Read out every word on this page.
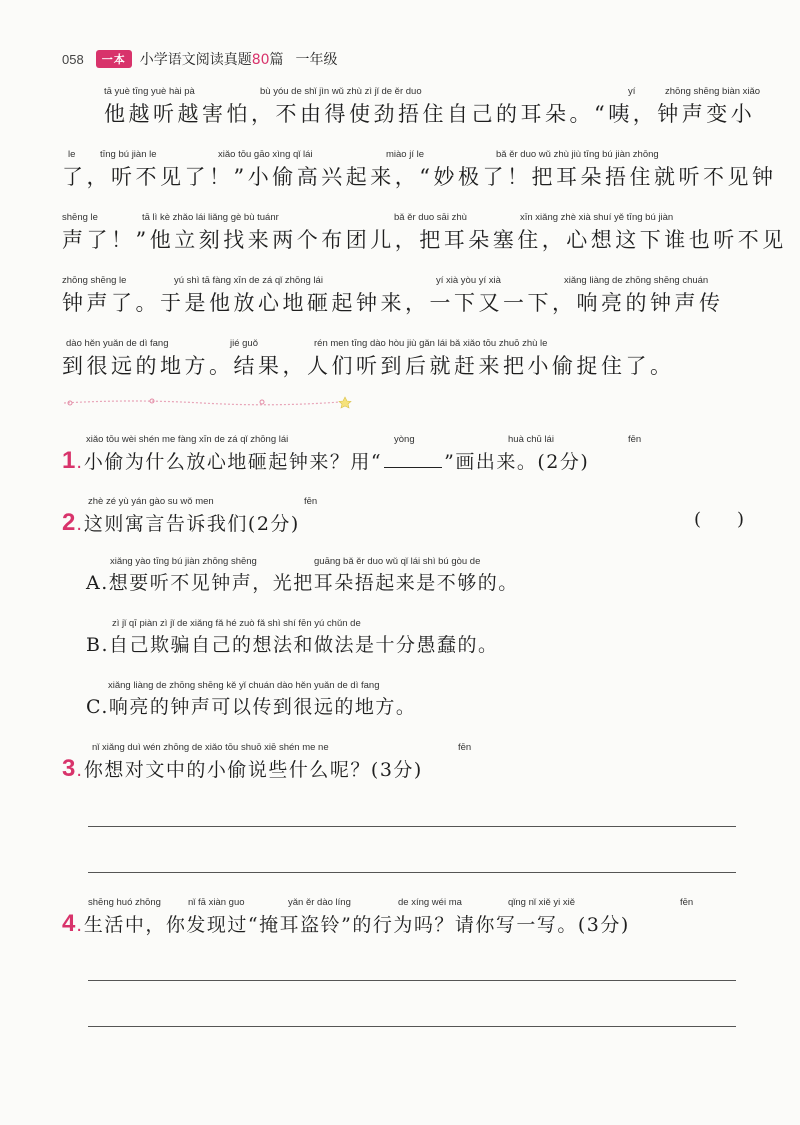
058	一本	小学语文阅读真题80篇 一年级
tā yuè tīng yuè hài pà	bù yóu de shǐ jìn wǔ zhù zì jǐ de ěr duo	yí	zhōng shēng biàn xiǎo
他越听越害怕，不由得使劲捂住自己的耳朵。“咦，钟声变小
le	tīng bú jiàn le	xiǎo tōu gāo xìng qǐ lái	miào jí le	bǎ ěr duo wǔ zhù jiù tīng bú jiàn zhōng
了，听不见了！”小偷高兴起来，“妙极了！把耳朵捂住就听不见钟
shēng le	tā lì kè zhǎo lái liǎng gè bù tuánr	bǎ ěr duo sāi zhù	xīn xiǎng zhè xià shuí yě tīng bú jiàn
声了！”他立刻找来两个布团儿，把耳朵塞住，心想这下谁也听不见
zhōng shēng le	yú shì tā fàng xīn de zá qǐ zhōng lái	yí xià yòu yí xià	xiǎng liàng de zhōng shēng chuán
钟声了。于是他放心地砸起钟来，一下又一下，响亮的钟声传
dào hěn yuǎn de dì fang	jié guǒ	rén men tīng dào hòu jiù gǎn lái bǎ xiǎo tōu zhuō zhù le
到很远的地方。结果，人们听到后就赶来把小偷捉住了。
xiǎo tōu wèi shén me fàng xīn de zá qǐ zhōng lái	yòng	huà chū lái	fēn
1 . 小偷为什么放心地砸起钟来？用“	”画出来。(2分)
zhè zé yù yán gào su wǒ men	fēn
2 . 这则寓言告诉我们(2分)	(　　)
xiǎng yào tīng bú jiàn zhōng shēng	guāng bǎ ěr duo wǔ qǐ lái shì bú gòu de
A.想要听不见钟声，光把耳朵捂起来是不够的。
zì jǐ qī piàn zì jǐ de xiǎng fǎ hé zuò fǎ shì shí fēn yú chǔn de
B.自己欺骗自己的想法和做法是十分愚蠢的。
xiǎng liàng de zhōng shēng kě yǐ chuán dào hěn yuǎn de dì fang
C.响亮的钟声可以传到很远的地方。
nǐ xiǎng duì wén zhōng de xiǎo tōu shuō xiē shén me ne	fēn
3 . 你想对文中的小偷说些什么呢？(3分)
shēng huó zhōng	nǐ fā xiàn guo	yǎn ěr dào líng	de xíng wéi ma	qǐng nǐ xiě yi xiě	fēn
4 . 生活中，你发现过“掩耳盗铃”的行为吗？请你写一写。(3分)
